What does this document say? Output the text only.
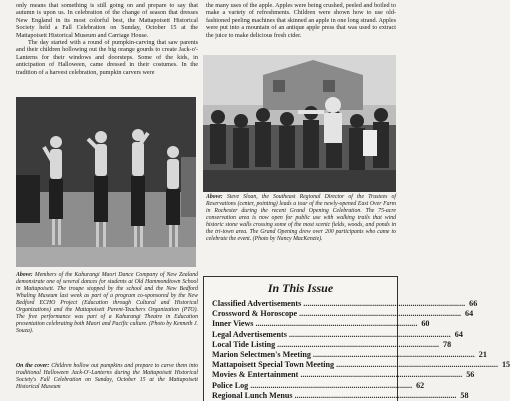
only means that something is still going on and prepare to say that autumn is upon us. In celebration of the change of season that dresses New England in its most colorful best, the Mattapoisett Historical Society held a Fall Celebration on Sunday, October 15 at the Mattapoisett Historical Museum and Carriage House.

The day started with a round of pumpkin-carving that saw parents and their children hollowing out the big orange gourds to create Jack-o'-Lanterns for their windows and doorsteps. Some of the kids, in anticipation of Halloween, came dressed in their costumes. In the tradition of a harvest celebration, pumpkin carvers were

Above: Members of the Kahurangi Maori Dance Company of New Zealand demonstrate one of several dances for students at Old Hammondtown School in Mattapoisett. The troupe stopped by the school and the New Bedford Whaling Museum last week as part of a program co-sponsored by the New Bedford ECHO Project (Education through Cultural and Historical Organizations) and the Mattapoisett Parent-Teachers Organization (PTO). The free performance was part of a Kahurangi Theatre in Education presentation celebrating both Maori and Pacific culture. (Photo by Kenneth J. Souza).

On the cover: Children hollow out pumpkins and prepare to carve them into traditional Halloween Jack-O'-Lanterns during the Mattapoisett Historical Society's Fall Celebration on Sunday, October 15 at the Mattapoisett Historical Museum

the many uses of the apple. Apples were being crushed, peeled and boiled to make a variety of refreshments. Children were shown how to use old-fashioned peeling machines that skinned an apple in one long strand. Apples were put into a mountain of an antique apple press that was used to extract the juice to make delicious fresh cider.

Above: Steve Sloan, the Southeast Regional Director of the Trustees of Reservations (center, pointing) leads a tour of the newly-opened East Over Farm in Rochester during the recent Grand Opening Celebration. The 75-acre conservation area is now open for public use with walking trails that wind historic stone walls crossing some of the most scenic fields, woods, and ponds in the tri-town area. The Grand Opening drew over 200 participants who came to celebrate the event. (Photo by Nancy MacKenzie).

In This Issue
Classified Advertisements ................................................................................ 66
Crossword & Horoscope ................................................................................ 64
Inner Views ................................................................................ 60
Legal Advertisements ................................................................................ 64
Local Tide Listing ................................................................................ 78
Marion Selectmen's Meeting ................................................................................ 21
Mattapoisett Special Town Meeting ................................................................................ 15
Movies & Entertainment ................................................................................ 56
Police Log ................................................................................ 62
Regional Lunch Menus ................................................................................ 58
